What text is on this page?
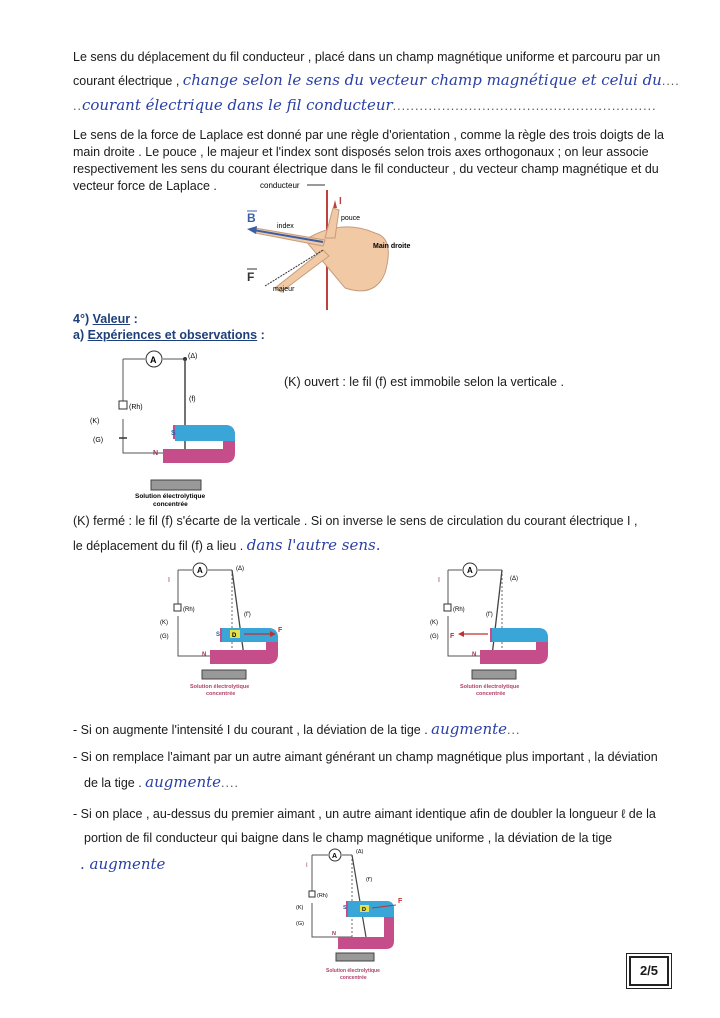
Le sens du déplacement du fil conducteur , placé dans un champ magnétique uniforme et parcouru par un
courant électrique , change selon le sens du vecteur champ magnétique et celui du....
..courant électrique dans le fil conducteur...........................................................
Le sens de la force de Laplace est donné par une règle d'orientation , comme la règle des trois doigts de la
main droite . Le pouce , le majeur et l'index sont disposés selon trois axes orthogonaux ; on leur associe
respectivement les sens du courant électrique dans le fil conducteur , du vecteur champ magnétique et du
vecteur force de Laplace .	conducteur
I
B
index
pouce
Main droite
F
majeur
4°) Valeur :
a) Expériences et observations :
A	(Δ)
(f)
(Rh)
(K)
(G)
S
N
Solution électrolytique
concentrée
(K) ouvert : le fil (f) est immobile selon la verticale .
(K) fermé : le fil (f) s'écarte de la verticale . Si on inverse le sens de circulation du courant électrique I ,
le déplacement du fil (f) a lieu . dans l'autre sens.
A	(Δ)
(f')
I
(Rh)
(K)
(G)	S
N
D
F
Solution électrolytique
concentrée
A
(Δ)
(f')
I
(Rh)
(K)
(G)
N
F
Solution électrolytique
concentrée
- Si on augmente l'intensité I du courant , la déviation de la tige . augmente...
- Si on remplace l'aimant par un autre aimant générant un champ magnétique plus important , la déviation
de la tige . augmente....
- Si on place , au-dessus du premier aimant , un autre aimant identique afin de doubler la longueur ℓ de la
portion de fil conducteur qui baigne dans le champ magnétique uniforme , la déviation de la tige
. augmente	A
(Δ)
(f')
I
(Rh)
(K)
(G)
S
N
D
F
Solution électrolytique
concentrée	2/5
